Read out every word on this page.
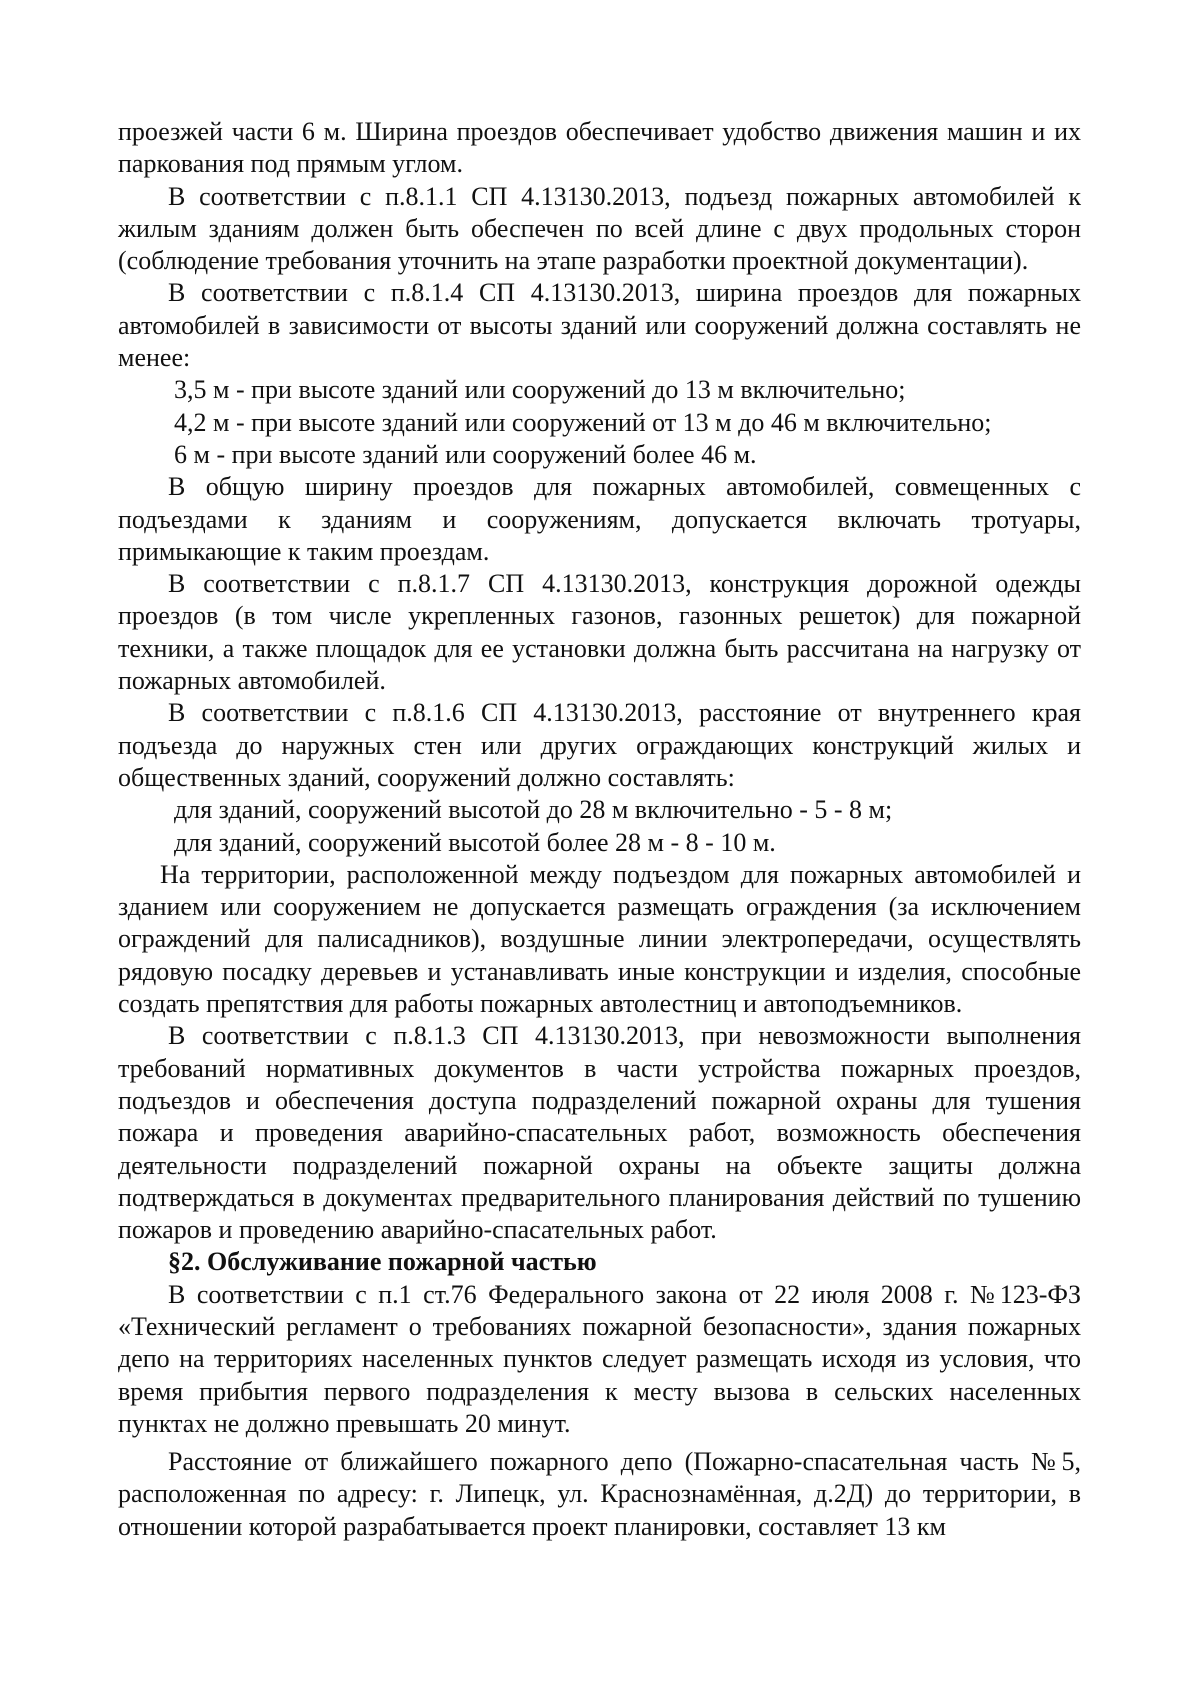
проезжей части 6 м. Ширина проездов обеспечивает удобство движения машин и их паркования под прямым углом.

В соответствии с п.8.1.1 СП 4.13130.2013, подъезд пожарных автомобилей к жилым зданиям должен быть обеспечен по всей длине с двух продольных сторон (соблюдение требования уточнить на этапе разработки проектной документации).

В соответствии с п.8.1.4 СП 4.13130.2013, ширина проездов для пожарных автомобилей в зависимости от высоты зданий или сооружений должна составлять не менее:

3,5 м - при высоте зданий или сооружений до 13 м включительно;
4,2 м - при высоте зданий или сооружений от 13 м до 46 м включительно;
6 м - при высоте зданий или сооружений более 46 м.

В общую ширину проездов для пожарных автомобилей, совмещенных с подъездами к зданиям и сооружениям, допускается включать тротуары, примыкающие к таким проездам.

В соответствии с п.8.1.7 СП 4.13130.2013, конструкция дорожной одежды проездов (в том числе укрепленных газонов, газонных решеток) для пожарной техники, а также площадок для ее установки должна быть рассчитана на нагрузку от пожарных автомобилей.

В соответствии с п.8.1.6 СП 4.13130.2013, расстояние от внутреннего края подъезда до наружных стен или других ограждающих конструкций жилых и общественных зданий, сооружений должно составлять:

для зданий, сооружений высотой до 28 м включительно - 5 - 8 м;
для зданий, сооружений высотой более 28 м - 8 - 10 м.

На территории, расположенной между подъездом для пожарных автомобилей и зданием или сооружением не допускается размещать ограждения (за исключением ограждений для палисадников), воздушные линии электропередачи, осуществлять рядовую посадку деревьев и устанавливать иные конструкции и изделия, способные создать препятствия для работы пожарных автолестниц и автоподъемников.

В соответствии с п.8.1.3 СП 4.13130.2013, при невозможности выполнения требований нормативных документов в части устройства пожарных проездов, подъездов и обеспечения доступа подразделений пожарной охраны для тушения пожара и проведения аварийно-спасательных работ, возможность обеспечения деятельности подразделений пожарной охраны на объекте защиты должна подтверждаться в документах предварительного планирования действий по тушению пожаров и проведению аварийно-спасательных работ.

§2. Обслуживание пожарной частью

В соответствии с п.1 ст.76 Федерального закона от 22 июля 2008 г. №123-ФЗ «Технический регламент о требованиях пожарной безопасности», здания пожарных депо на территориях населенных пунктов следует размещать исходя из условия, что время прибытия первого подразделения к месту вызова в сельских населенных пунктах не должно превышать 20 минут.

Расстояние от ближайшего пожарного депо (Пожарно-спасательная часть №5, расположенная по адресу: г. Липецк, ул. Краснознамённая, д.2Д) до территории, в отношении которой разрабатывается проект планировки, составляет 13 км
